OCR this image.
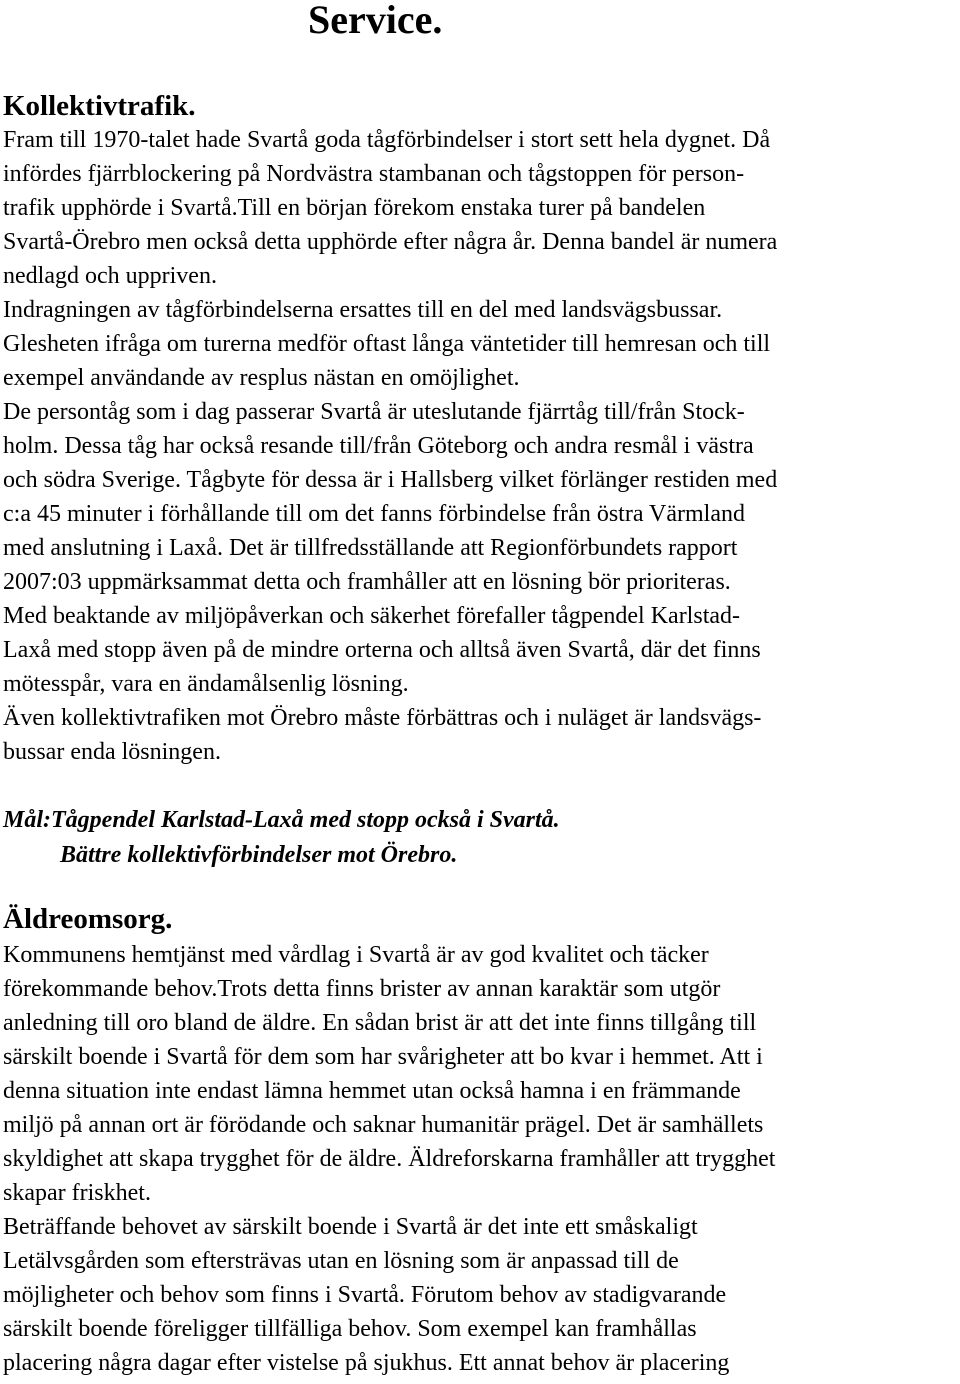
Service.
Kollektivtrafik.

Fram till 1970-talet hade Svartå goda tågförbindelser i stort sett hela dygnet. Då

infördes fjärrblockering på Nordvästra stambanan och tågstoppen för person-

trafik upphörde i Svartå.Till en början förekom enstaka turer på bandelen

Svartå-Örebro men också detta upphörde efter några år. Denna bandel är numera

nedlagd och uppriven.

Indragningen av tågförbindelserna ersattes till en del med landsvägsbussar.

Glesheten ifråga om turerna medför oftast långa väntetider till hemresan och till

exempel användande av resplus nästan en omöjlighet.

De persontåg som i dag passerar Svartå är uteslutande fjärrtåg till/från Stock-

holm. Dessa tåg har också resande till/från Göteborg och andra resmål i västra

och södra Sverige. Tågbyte för dessa är i Hallsberg vilket förlänger restiden med

c:a 45 minuter i förhållande till om det fanns förbindelse från östra Värmland

med anslutning i Laxå. Det är tillfredsställande att Regionförbundets rapport

2007:03 uppmärksammat detta och framhåller att en lösning bör prioriteras.

Med beaktande av miljöpåverkan och säkerhet förefaller tågpendel Karlstad-

Laxå med stopp även på de mindre orterna och alltså även Svartå, där det finns

mötesspår, vara en ändamålsenlig lösning.

Även kollektivtrafiken mot Örebro måste förbättras och i nuläget är landsvägs-

bussar enda lösningen.

Mål:Tågpendel Karlstad-Laxå med stopp också i Svartå.

Bättre kollektivförbindelser mot Örebro.

Äldreomsorg.

Kommunens hemtjänst med vårdlag i Svartå är av god kvalitet och täcker

förekommande behov.Trots detta finns brister av annan karaktär som utgör

anledning till oro bland de äldre. En sådan brist är att det inte finns tillgång till

särskilt boende i Svartå för dem som har svårigheter att bo kvar i hemmet. Att i

denna situation inte endast lämna hemmet utan också hamna i en främmande

miljö på annan ort är förödande och saknar humanitär prägel. Det är samhällets

skyldighet att skapa trygghet för de äldre. Äldreforskarna framhåller att trygghet

skapar friskhet.

Beträffande behovet av särskilt boende i Svartå är det inte ett småskaligt

Letälvsgården som eftersträvas utan en lösning som är anpassad till de

möjligheter och behov som finns i Svartå. Förutom behov av stadigvarande

särskilt boende föreligger tillfälliga behov. Som exempel kan framhållas

placering några dagar efter vistelse på sjukhus. Ett annat behov är placering
